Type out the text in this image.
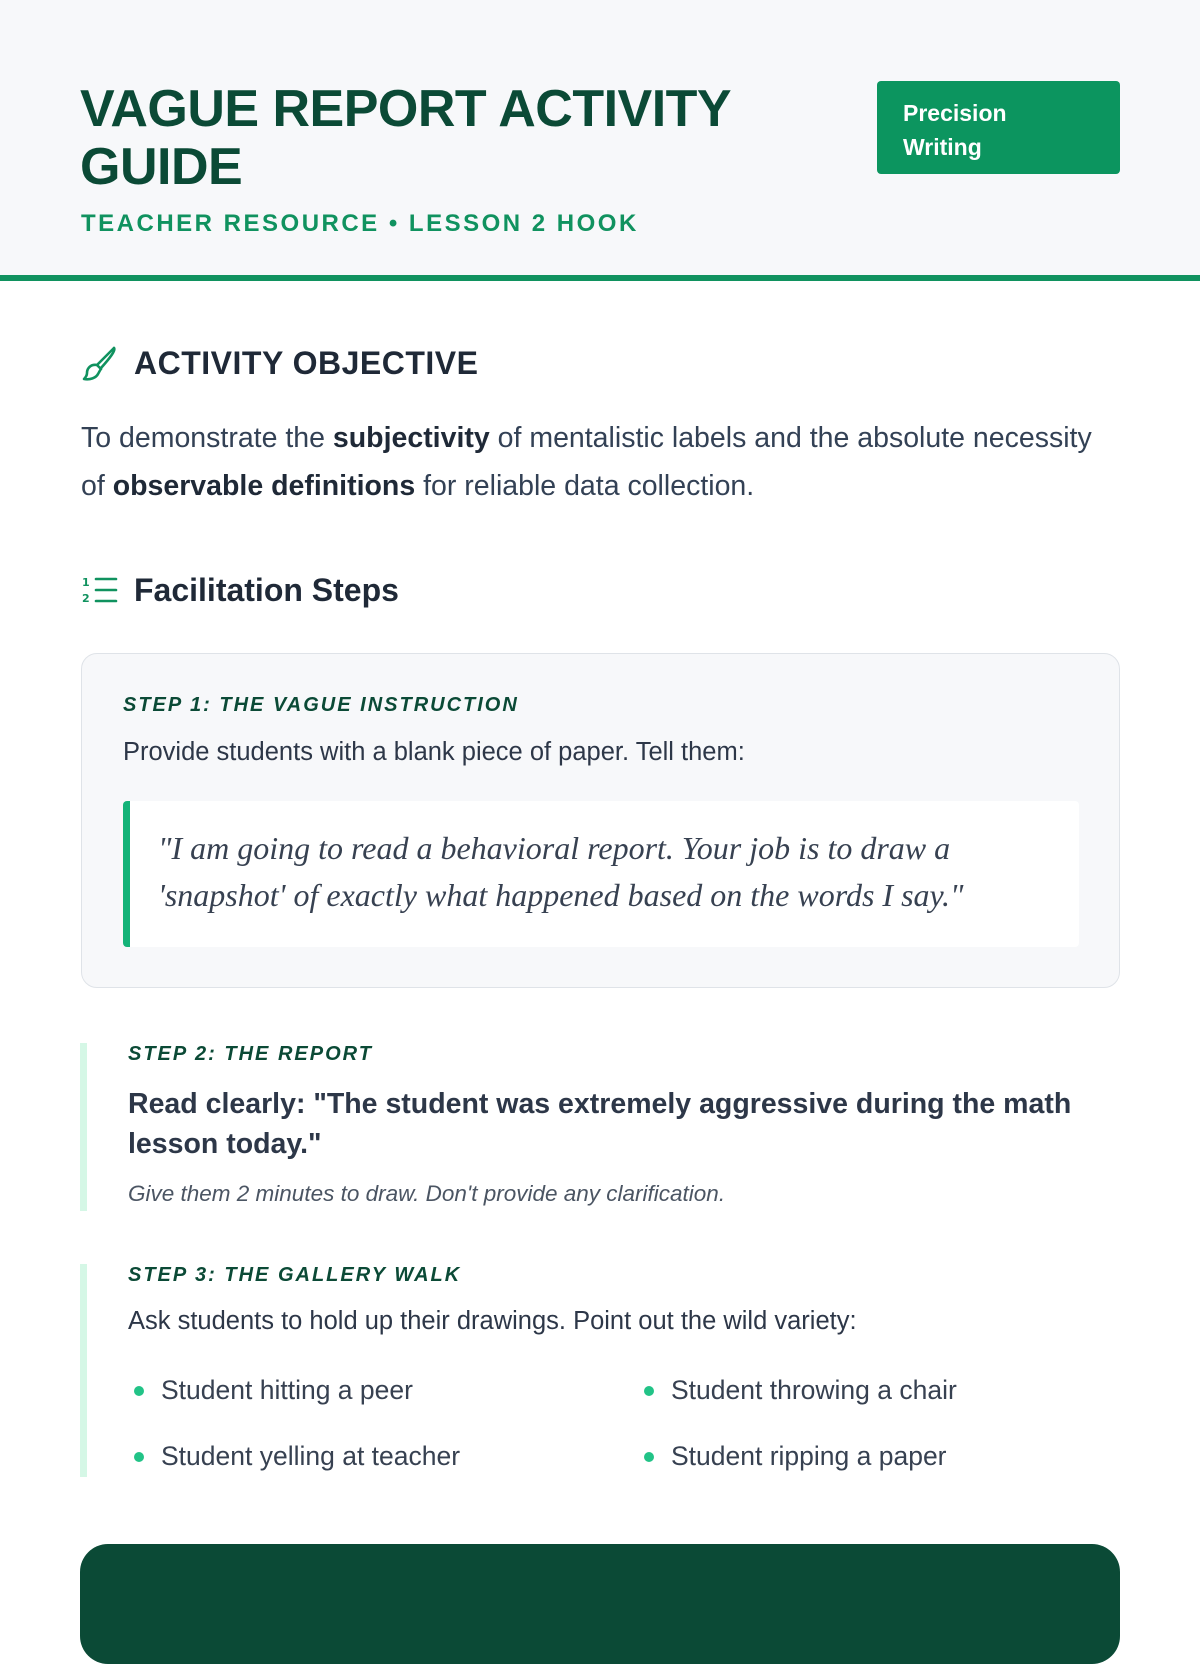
VAGUE REPORT ACTIVITY GUIDE
TEACHER RESOURCE • LESSON 2 HOOK
Precision
Writing
ACTIVITY OBJECTIVE
To demonstrate the subjectivity of mentalistic labels and the absolute necessity of observable definitions for reliable data collection.
1
2 Facilitation Steps
STEP 1: THE VAGUE INSTRUCTION
Provide students with a blank piece of paper. Tell them:
"I am going to read a behavioral report. Your job is to draw a 'snapshot' of exactly what happened based on the words I say."
STEP 2: THE REPORT
Read clearly: "The student was extremely aggressive during the math lesson today."
Give them 2 minutes to draw. Don't provide any clarification.
STEP 3: THE GALLERY WALK
Ask students to hold up their drawings. Point out the wild variety:
Student hitting a peer	Student throwing a chair
Student yelling at teacher	Student ripping a paper
